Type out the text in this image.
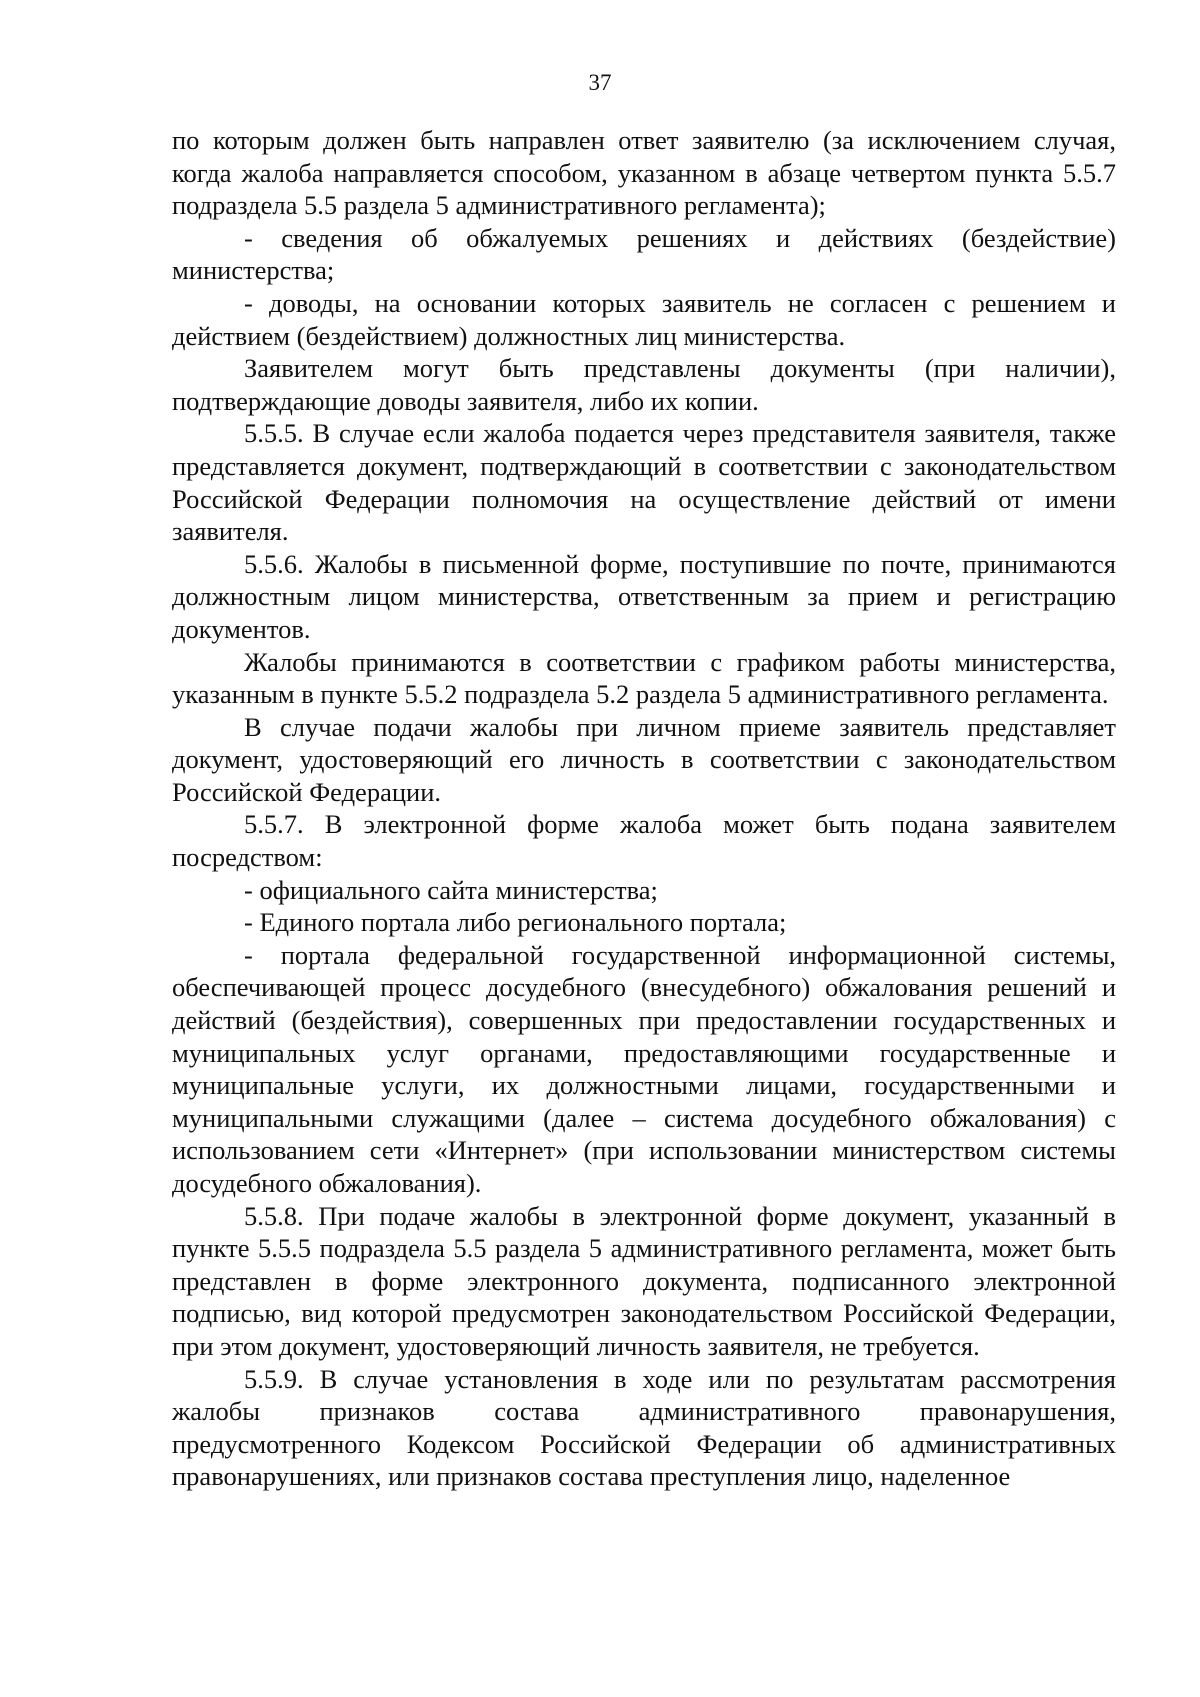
37

по которым должен быть направлен ответ заявителю (за исключением случая, когда жалоба направляется способом, указанном в абзаце четвертом пункта 5.5.7 подраздела 5.5 раздела 5 административного регламента);

- сведения об обжалуемых решениях и действиях (бездействие) министерства;

- доводы, на основании которых заявитель не согласен с решением и действием (бездействием) должностных лиц министерства.

Заявителем могут быть представлены документы (при наличии), подтверждающие доводы заявителя, либо их копии.

5.5.5. В случае если жалоба подается через представителя заявителя, также представляется документ, подтверждающий в соответствии с законодательством Российской Федерации полномочия на осуществление действий от имени заявителя.

5.5.6. Жалобы в письменной форме, поступившие по почте, принимаются должностным лицом министерства, ответственным за прием и регистрацию документов.

Жалобы принимаются в соответствии с графиком работы министерства, указанным в пункте 5.5.2 подраздела 5.2 раздела 5 административного регламента.

В случае подачи жалобы при личном приеме заявитель представляет документ, удостоверяющий его личность в соответствии с законодательством Российской Федерации.

5.5.7. В электронной форме жалоба может быть подана заявителем посредством:

- официального сайта министерства;

- Единого портала либо регионального портала;

- портала федеральной государственной информационной системы, обеспечивающей процесс досудебного (внесудебного) обжалования решений и действий (бездействия), совершенных при предоставлении государственных и муниципальных услуг органами, предоставляющими государственные и муниципальные услуги, их должностными лицами, государственными и муниципальными служащими (далее – система досудебного обжалования) с использованием сети «Интернет» (при использовании министерством системы досудебного обжалования).

5.5.8. При подаче жалобы в электронной форме документ, указанный в пункте 5.5.5 подраздела 5.5 раздела 5 административного регламента, может быть представлен в форме электронного документа, подписанного электронной подписью, вид которой предусмотрен законодательством Российской Федерации, при этом документ, удостоверяющий личность заявителя, не требуется.

5.5.9. В случае установления в ходе или по результатам рассмотрения жалобы признаков состава административного правонарушения, предусмотренного Кодексом Российской Федерации об административных правонарушениях, или признаков состава преступления лицо, наделенное
